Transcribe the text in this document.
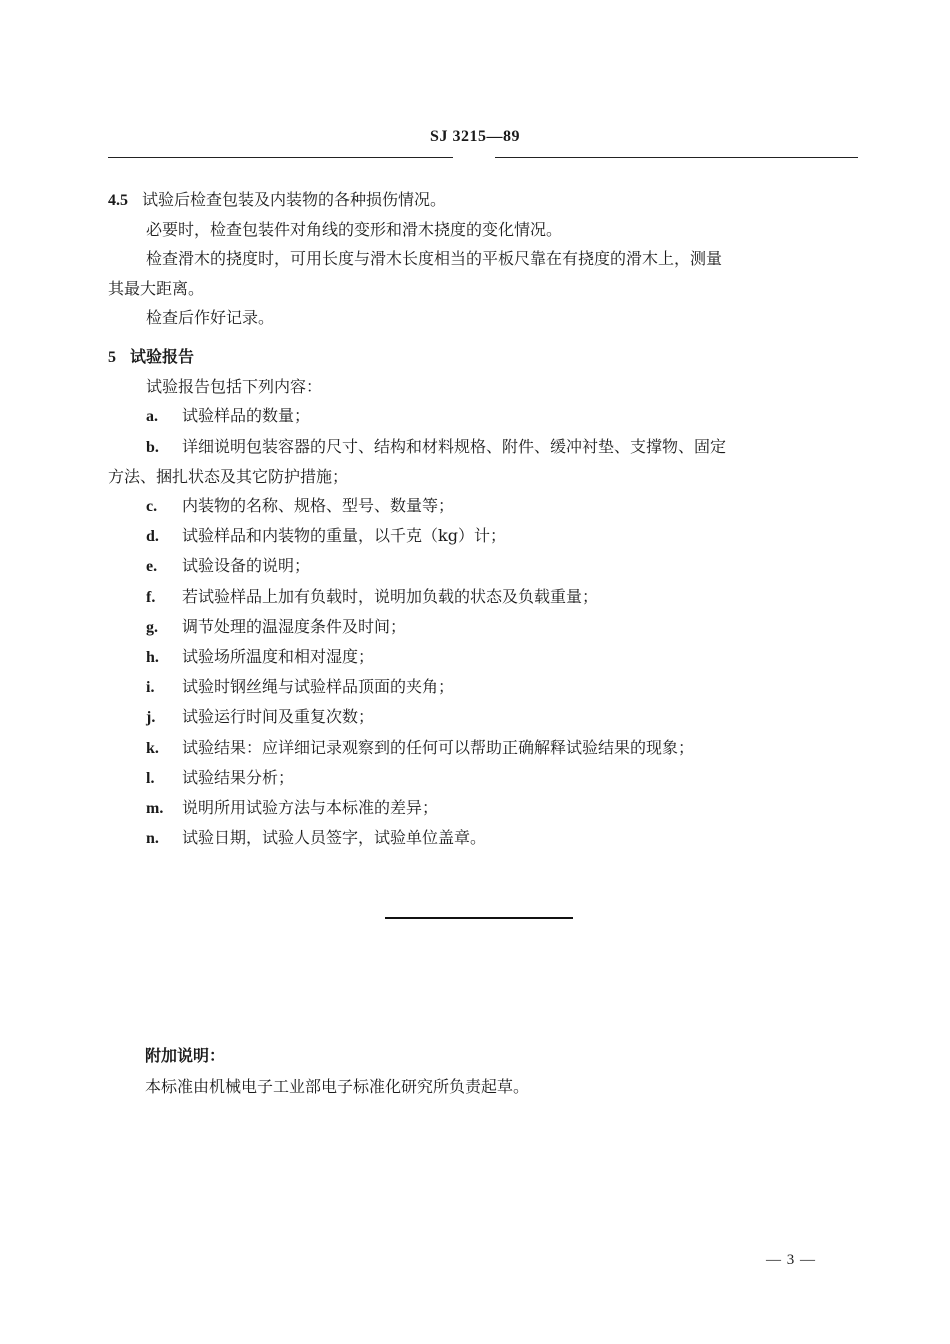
SJ 3215—89
4.5 试验后检查包装及内装物的各种损伤情况。
必要时，检查包装件对角线的变形和滑木挠度的变化情况。
检查滑木的挠度时，可用长度与滑木长度相当的平板尺靠在有挠度的滑木上，测量
其最大距离。
检查后作好记录。
5 试验报告
试验报告包括下列内容：
a. 试验样品的数量；
b. 详细说明包装容器的尺寸、结构和材料规格、附件、缓冲衬垫、支撑物、固定
方法、捆扎状态及其它防护措施；
c. 内装物的名称、规格、型号、数量等；
d. 试验样品和内装物的重量，以千克（kg）计；
e. 试验设备的说明；
f. 若试验样品上加有负载时，说明加负载的状态及负载重量；
g. 调节处理的温湿度条件及时间；
h. 试验场所温度和相对湿度；
i. 试验时钢丝绳与试验样品顶面的夹角；
j. 试验运行时间及重复次数；
k. 试验结果：应详细记录观察到的任何可以帮助正确解释试验结果的现象；
l. 试验结果分析；
m. 说明所用试验方法与本标准的差异；
n. 试验日期，试验人员签字，试验单位盖章。
附加说明：
本标准由机械电子工业部电子标准化研究所负责起草。
— 3 —
